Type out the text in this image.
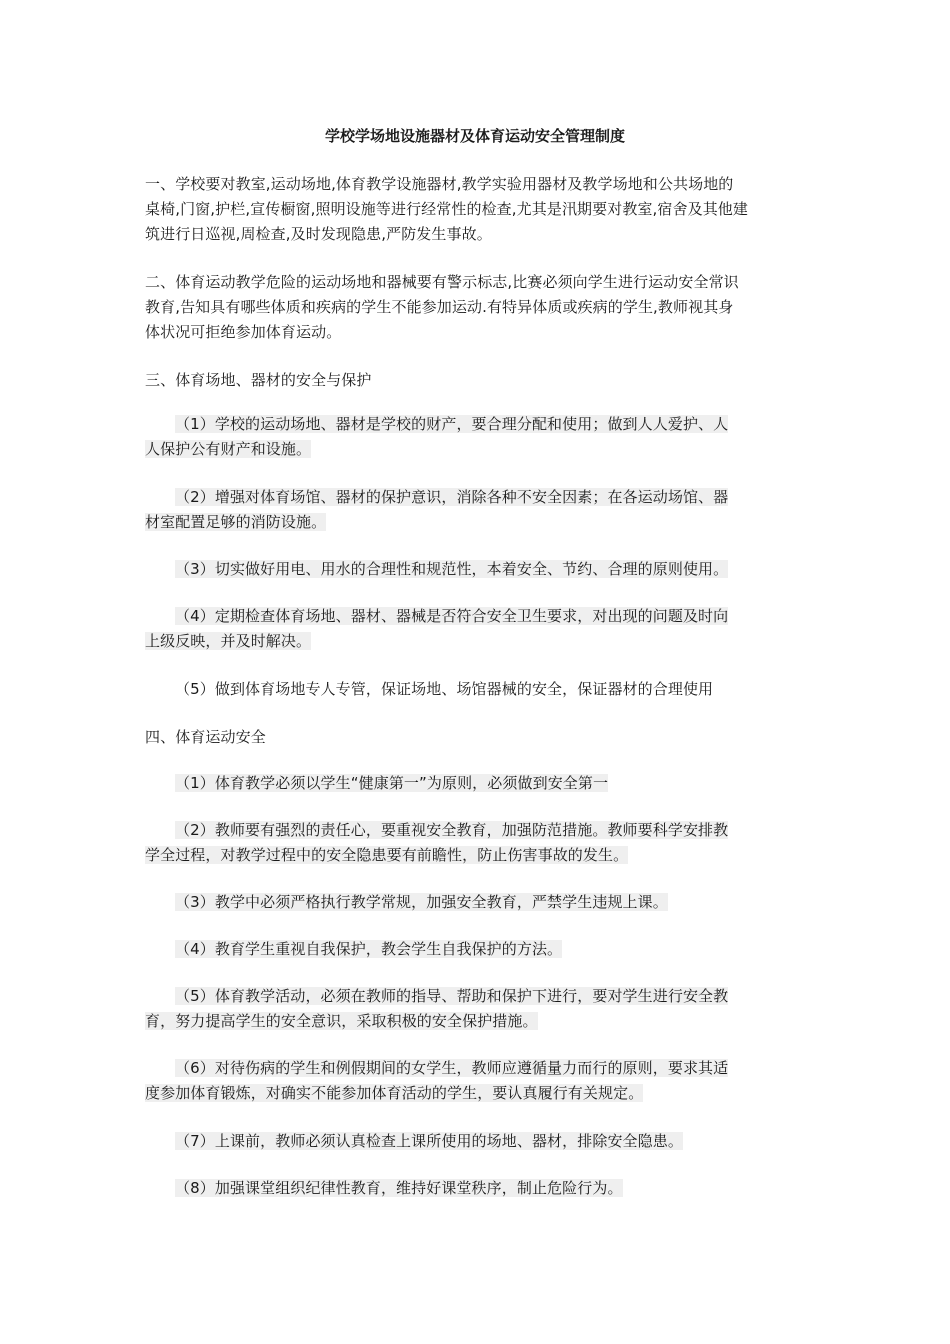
学校学场地设施器材及体育运动安全管理制度
一、学校要对教室,运动场地,体育教学设施器材,教学实验用器材及教学场地和公共场地的
桌椅,门窗,护栏,宣传橱窗,照明设施等进行经常性的检查,尤其是汛期要对教室,宿舍及其他建
筑进行日巡视,周检查,及时发现隐患,严防发生事故。
二、体育运动教学危险的运动场地和器械要有警示标志,比赛必须向学生进行运动安全常识
教育,告知具有哪些体质和疾病的学生不能参加运动.有特异体质或疾病的学生,教师视其身
体状况可拒绝参加体育运动。
三、体育场地、器材的安全与保护
（1）学校的运动场地、器材是学校的财产，要合理分配和使用；做到人人爱护、人
人保护公有财产和设施。
（2）增强对体育场馆、器材的保护意识，消除各种不安全因素；在各运动场馆、器
材室配置足够的消防设施。
（3）切实做好用电、用水的合理性和规范性，本着安全、节约、合理的原则使用。
（4）定期检查体育场地、器材、器械是否符合安全卫生要求，对出现的问题及时向
上级反映，并及时解决。
（5）做到体育场地专人专管，保证场地、场馆器械的安全，保证器材的合理使用
四、体育运动安全
（1）体育教学必须以学生“健康第一”为原则，必须做到安全第一
（2）教师要有强烈的责任心，要重视安全教育，加强防范措施。教师要科学安排教
学全过程，对教学过程中的安全隐患要有前瞻性，防止伤害事故的发生。
（3）教学中必须严格执行教学常规，加强安全教育，严禁学生违规上课。
（4）教育学生重视自我保护，教会学生自我保护的方法。
（5）体育教学活动，必须在教师的指导、帮助和保护下进行，要对学生进行安全教
育，努力提高学生的安全意识，采取积极的安全保护措施。
（6）对待伤病的学生和例假期间的女学生，教师应遵循量力而行的原则，要求其适
度参加体育锻炼，对确实不能参加体育活动的学生，要认真履行有关规定。
（7）上课前，教师必须认真检查上课所使用的场地、器材，排除安全隐患。
（8）加强课堂组织纪律性教育，维持好课堂秩序，制止危险行为。
